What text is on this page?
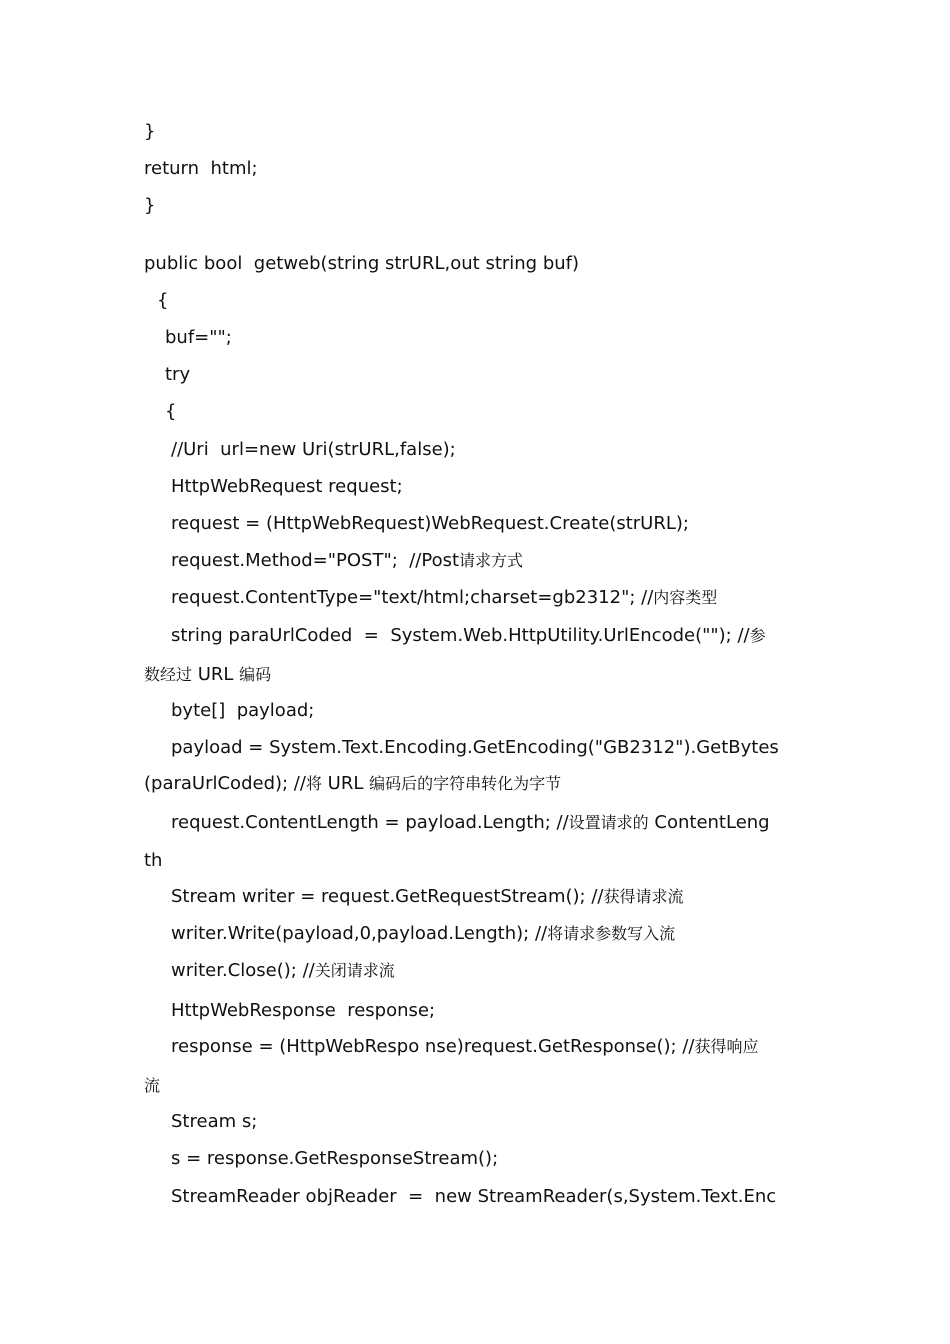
}

return  html;

}

public bool  getweb(string strURL,out string buf)

{

buf="";

try

{

//Uri  url=new Uri(strURL,false);

HttpWebRequest request;

request = (HttpWebRequest)WebRequest.Create(strURL);

request.Method="POST";  //Post请求方式

request.ContentType="text/html;charset=gb2312"; //内容类型

string paraUrlCoded  =  System.Web.HttpUtility.UrlEncode(""); //参

数经过 URL 编码

byte[]  payload;

payload = System.Text.Encoding.GetEncoding("GB2312").GetBytes

(paraUrlCoded); //将 URL 编码后的字符串转化为字节

request.ContentLength = payload.Length; //设置请求的 ContentLeng

th

Stream writer = request.GetRequestStream(); //获得请求流

writer.Write(payload,0,payload.Length); //将请求参数写入流

writer.Close(); //关闭请求流

HttpWebResponse  response;

response = (HttpWebRespo nse)request.GetResponse(); //获得响应

流

Stream s;

s = response.GetResponseStream();

StreamReader objReader  =  new StreamReader(s,System.Text.Enc
